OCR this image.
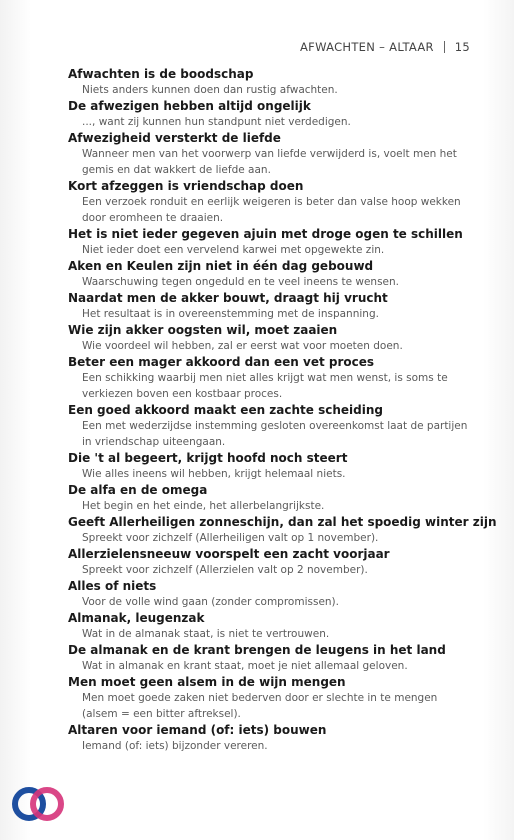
AFWACHTEN – ALTAAR 15
Afwachten is de boodschap
Niets anders kunnen doen dan rustig afwachten.
De afwezigen hebben altijd ongelijk
..., want zij kunnen hun standpunt niet verdedigen.
Afwezigheid versterkt de liefde
Wanneer men van het voorwerp van liefde verwijderd is, voelt men het gemis en dat wakkert de liefde aan.
Kort afzeggen is vriendschap doen
Een verzoek ronduit en eerlijk weigeren is beter dan valse hoop wekken door eromheen te draaien.
Het is niet ieder gegeven ajuin met droge ogen te schillen
Niet ieder doet een vervelend karwei met opgewekte zin.
Aken en Keulen zijn niet in één dag gebouwd
Waarschuwing tegen ongeduld en te veel ineens te wensen.
Naardat men de akker bouwt, draagt hij vrucht
Het resultaat is in overeenstemming met de inspanning.
Wie zijn akker oogsten wil, moet zaaien
Wie voordeel wil hebben, zal er eerst wat voor moeten doen.
Beter een mager akkoord dan een vet proces
Een schikking waarbij men niet alles krijgt wat men wenst, is soms te verkiezen boven een kostbaar proces.
Een goed akkoord maakt een zachte scheiding
Een met wederzijdse instemming gesloten overeenkomst laat de partijen in vriendschap uiteengaan.
Die 't al begeert, krijgt hoofd noch steert
Wie alles ineens wil hebben, krijgt helemaal niets.
De alfa en de omega
Het begin en het einde, het allerbelangrijkste.
Geeft Allerheiligen zonneschijn, dan zal het spoedig winter zijn
Spreekt voor zichzelf (Allerheiligen valt op 1 november).
Allerzielensneeuw voorspelt een zacht voorjaar
Spreekt voor zichzelf (Allerzielen valt op 2 november).
Alles of niets
Voor de volle wind gaan (zonder compromissen).
Almanak, leugenzak
Wat in de almanak staat, is niet te vertrouwen.
De almanak en de krant brengen de leugens in het land
Wat in almanak en krant staat, moet je niet allemaal geloven.
Men moet geen alsem in de wijn mengen
Men moet goede zaken niet bederven door er slechte in te mengen (alsem = een bitter aftreksel).
Altaren voor iemand (of: iets) bouwen
Iemand (of: iets) bijzonder vereren.
